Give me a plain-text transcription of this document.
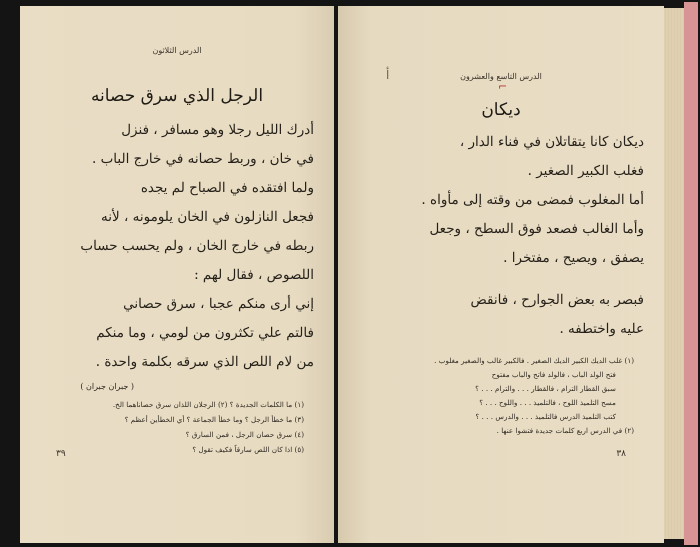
الدرس الثلاثون
الرجل الذي سرق حصانه
أدرك الليل رجلا وهو مسافر ، فنزل
في خان ، وربط حصانه في خارج الباب .
ولما افتقده في الصباح لم يجده
فجعل النازلون في الخان يلومونه ، لأنه
ربطه في خارج الخان ، ولم يحسب حساب
اللصوص ، فقال لهم :
إني أرى منكم عجبا ، سرق حصاني
فالتم علي تكثرون من لومي ، وما منكم
من لام اللص الذي سرقه بكلمة واحدة .
( جبران جبران )
(١) ما الكلمات الجديدة ؟ (٢) الرجلان اللذان سرق حصاناهما الخ.
(٣) ما خطأ الرجل ؟ وما خطأ الجماعة ؟ أي الخطأين أعظم ؟
(٤) سرق حصان الرجل ، فمن السارق ؟
(٥) اذا كان اللص سارقاً فكيف تقول ؟
٣٩
الدرس التاسع والعشرون
أ
⌐
ديكان
ديكان كانا يتقاتلان في فناء الدار ،
فغلب الكبير الصغير .
أما المغلوب فمضى من وقته إلى مأواه .
وأما الغالب فصعد فوق السطح ، وجعل
يصفق ، ويصيح ، مفتخرا .
فبصر به بعض الجوارح ، فانقض
عليه واختطفه .
(١) غلب الديك الكبير الديك الصغير . فالكبير غالب والصغير مغلوب .
فتح الولد الباب ، فالولد فاتح والباب مفتوح
سبق القطار الترام ، فالقطار . . . والترام . . . ؟
مسح التلميذ اللوح ، فالتلميذ . . . واللوح . . . ؟
كتب التلميذ الدرس فالتلميذ . . . والدرس . . . ؟
(٢) في الدرس اربع كلمات جديدة فتشوا عنها .
٣٨
